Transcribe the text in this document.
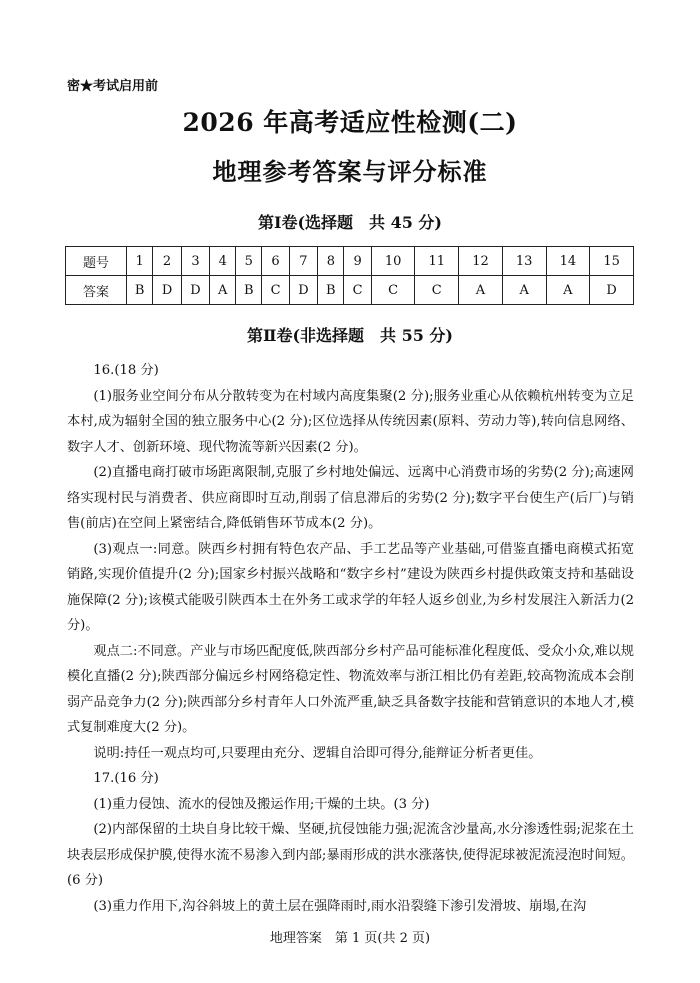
密★考试启用前
2026 年高考适应性检测(二)
地理参考答案与评分标准
第Ⅰ卷(选择题　共 45 分)
题号	1	2	3	4	5	6	7	8	9	10	11	12	13	14	15
答案	B	D	D	A	B	C	D	B	C	C	C	A	A	A	D
第Ⅱ卷(非选择题　共 55 分)

16.(18 分)

(1)服务业空间分布从分散转变为在村域内高度集聚(2 分);服务业重心从依赖杭州转变为立足本村,成为辐射全国的独立服务中心(2 分);区位选择从传统因素(原料、劳动力等),转向信息网络、数字人才、创新环境、现代物流等新兴因素(2 分)。

(2)直播电商打破市场距离限制,克服了乡村地处偏远、远离中心消费市场的劣势(2 分);高速网络实现村民与消费者、供应商即时互动,削弱了信息滞后的劣势(2 分);数字平台使生产(后厂)与销售(前店)在空间上紧密结合,降低销售环节成本(2 分)。

(3)观点一:同意。陕西乡村拥有特色农产品、手工艺品等产业基础,可借鉴直播电商模式拓宽销路,实现价值提升(2 分);国家乡村振兴战略和“数字乡村”建设为陕西乡村提供政策支持和基础设施保障(2 分);该模式能吸引陕西本土在外务工或求学的年轻人返乡创业,为乡村发展注入新活力(2 分)。

观点二:不同意。产业与市场匹配度低,陕西部分乡村产品可能标准化程度低、受众小众,难以规模化直播(2 分);陕西部分偏远乡村网络稳定性、物流效率与浙江相比仍有差距,较高物流成本会削弱产品竞争力(2 分);陕西部分乡村青年人口外流严重,缺乏具备数字技能和营销意识的本地人才,模式复制难度大(2 分)。

说明:持任一观点均可,只要理由充分、逻辑自洽即可得分,能辩证分析者更佳。

17.(16 分)

(1)重力侵蚀、流水的侵蚀及搬运作用;干燥的土块。(3 分)

(2)内部保留的土块自身比较干燥、坚硬,抗侵蚀能力强;泥流含沙量高,水分渗透性弱;泥浆在土块表层形成保护膜,使得水流不易渗入到内部;暴雨形成的洪水涨落快,使得泥球被泥流浸泡时间短。(6 分)

(3)重力作用下,沟谷斜坡上的黄土层在强降雨时,雨水沿裂缝下渗引发滑坡、崩塌,在沟

地理答案　第 1 页(共 2 页)
